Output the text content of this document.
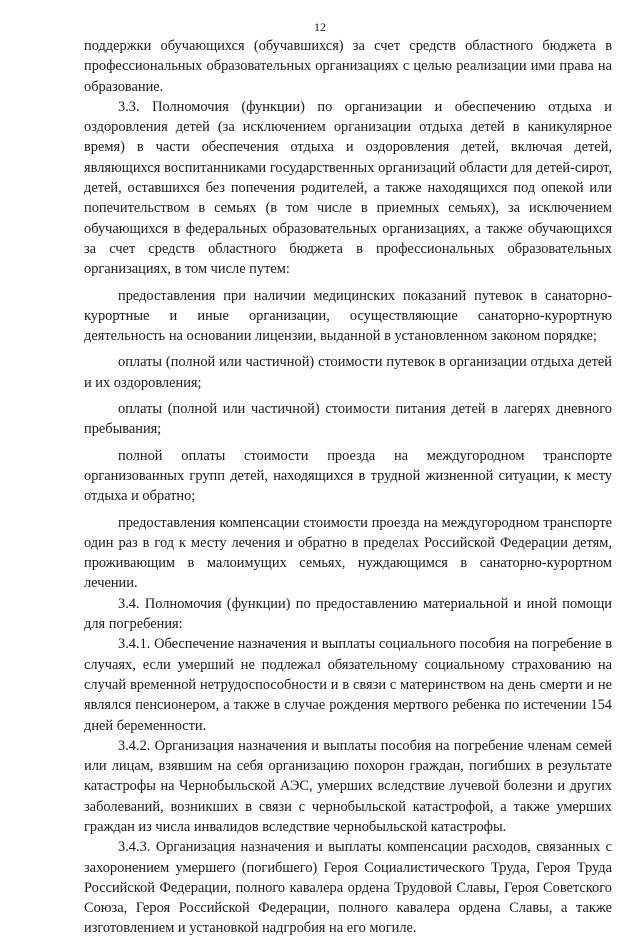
12

поддержки обучающихся (обучавшихся) за счет средств областного бюджета в профессиональных образовательных организациях с целью реализации ими права на образование.

3.3. Полномочия (функции) по организации и обеспечению отдыха и оздоровления детей (за исключением организации отдыха детей в каникулярное время) в части обеспечения отдыха и оздоровления детей, включая детей, являющихся воспитанниками государственных организаций области для детей-сирот, детей, оставшихся без попечения родителей, а также находящихся под опекой или попечительством в семьях (в том числе в приемных семьях), за исключением обучающихся в федеральных образовательных организациях, а также обучающихся за счет средств областного бюджета в профессиональных образовательных организациях, в том числе путем:

предоставления при наличии медицинских показаний путевок в санаторно-курортные и иные организации, осуществляющие санаторно-курортную деятельность на основании лицензии, выданной в установленном законом порядке;

оплаты (полной или частичной) стоимости путевок в организации отдыха детей и их оздоровления;

оплаты (полной или частичной) стоимости питания детей в лагерях дневного пребывания;

полной оплаты стоимости проезда на междугородном транспорте организованных групп детей, находящихся в трудной жизненной ситуации, к месту отдыха и обратно;

предоставления компенсации стоимости проезда на междугородном транспорте один раз в год к месту лечения и обратно в пределах Российской Федерации детям, проживающим в малоимущих семьях, нуждающимся в санаторно-курортном лечении.

3.4. Полномочия (функции) по предоставлению материальной и иной помощи для погребения:

3.4.1. Обеспечение назначения и выплаты социального пособия на погребение в случаях, если умерший не подлежал обязательному социальному страхованию на случай временной нетрудоспособности и в связи с материнством на день смерти и не являлся пенсионером, а также в случае рождения мертвого ребенка по истечении 154 дней беременности.

3.4.2. Организация назначения и выплаты пособия на погребение членам семей или лицам, взявшим на себя организацию похорон граждан, погибших в результате катастрофы на Чернобыльской АЭС, умерших вследствие лучевой болезни и других заболеваний, возникших в связи с чернобыльской катастрофой, а также умерших граждан из числа инвалидов вследствие чернобыльской катастрофы.

3.4.3. Организация назначения и выплаты компенсации расходов, связанных с захоронением умершего (погибшего) Героя Социалистического Труда, Героя Труда Российской Федерации, полного кавалера ордена Трудовой Славы, Героя Советского Союза, Героя Российской Федерации, полного кавалера ордена Славы, а также изготовлением и установкой надгробия на его могиле.
